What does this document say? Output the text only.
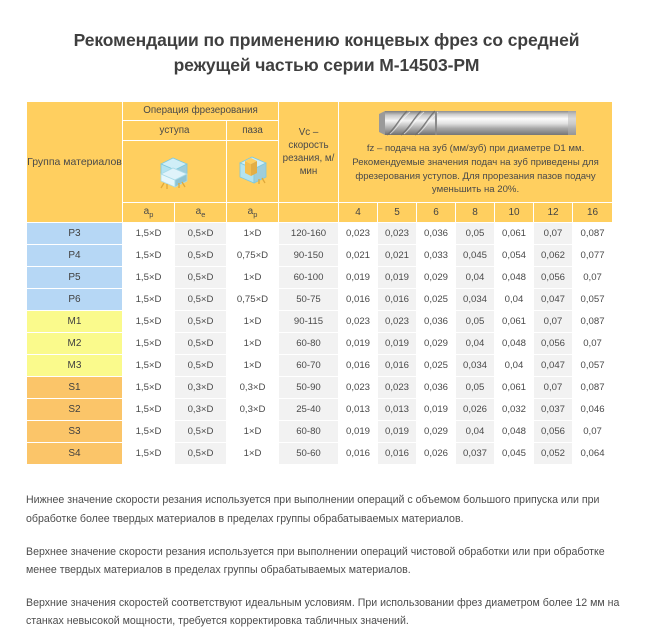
Рекомендации по применению концевых фрез со средней режущей частью серии M-14503-PM
Группа материалов	Операция фрезерования			Vc – скорость резания, м/мин	fz – подача на зуб (мм/зуб) при диаметре D1 мм. Рекомендуемые значения подач на зуб приведены для фрезерования уступов. Для прорезания пазов подачу уменьшить на 20%.						
	уступа		паза								

	$a_p$	$a_e$	$a_p$		4	5	6	8	10	12	16
P3	1,5×D	0,5×D	1×D	120-160	0,023	0,023	0,036	0,05	0,061	0,07	0,087
P4	1,5×D	0,5×D	0,75×D	90-150	0,021	0,021	0,033	0,045	0,054	0,062	0,077
P5	1,5×D	0,5×D	1×D	60-100	0,019	0,019	0,029	0,04	0,048	0,056	0,07
P6	1,5×D	0,5×D	0,75×D	50-75	0,016	0,016	0,025	0,034	0,04	0,047	0,057
M1	1,5×D	0,5×D	1×D	90-115	0,023	0,023	0,036	0,05	0,061	0,07	0,087
M2	1,5×D	0,5×D	1×D	60-80	0,019	0,019	0,029	0,04	0,048	0,056	0,07
M3	1,5×D	0,5×D	1×D	60-70	0,016	0,016	0,025	0,034	0,04	0,047	0,057
S1	1,5×D	0,3×D	0,3×D	50-90	0,023	0,023	0,036	0,05	0,061	0,07	0,087
S2	1,5×D	0,3×D	0,3×D	25-40	0,013	0,013	0,019	0,026	0,032	0,037	0,046
S3	1,5×D	0,5×D	1×D	60-80	0,019	0,019	0,029	0,04	0,048	0,056	0,07
S4	1,5×D	0,5×D	1×D	50-60	0,016	0,016	0,026	0,037	0,045	0,052	0,064

Нижнее значение скорости резания используется при выполнении операций с объемом большого припуска или при обработке более твердых материалов в пределах группы обрабатываемых материалов.

Верхнее значение скорости резания используется при выполнении операций чистовой обработки или при обработке менее твердых материалов в пределах группы обрабатываемых материалов.

Верхние значения скоростей соответствуют идеальным условиям. При использовании фрез диаметром более 12 мм на станках невысокой мощности, требуется корректировка табличных значений.
